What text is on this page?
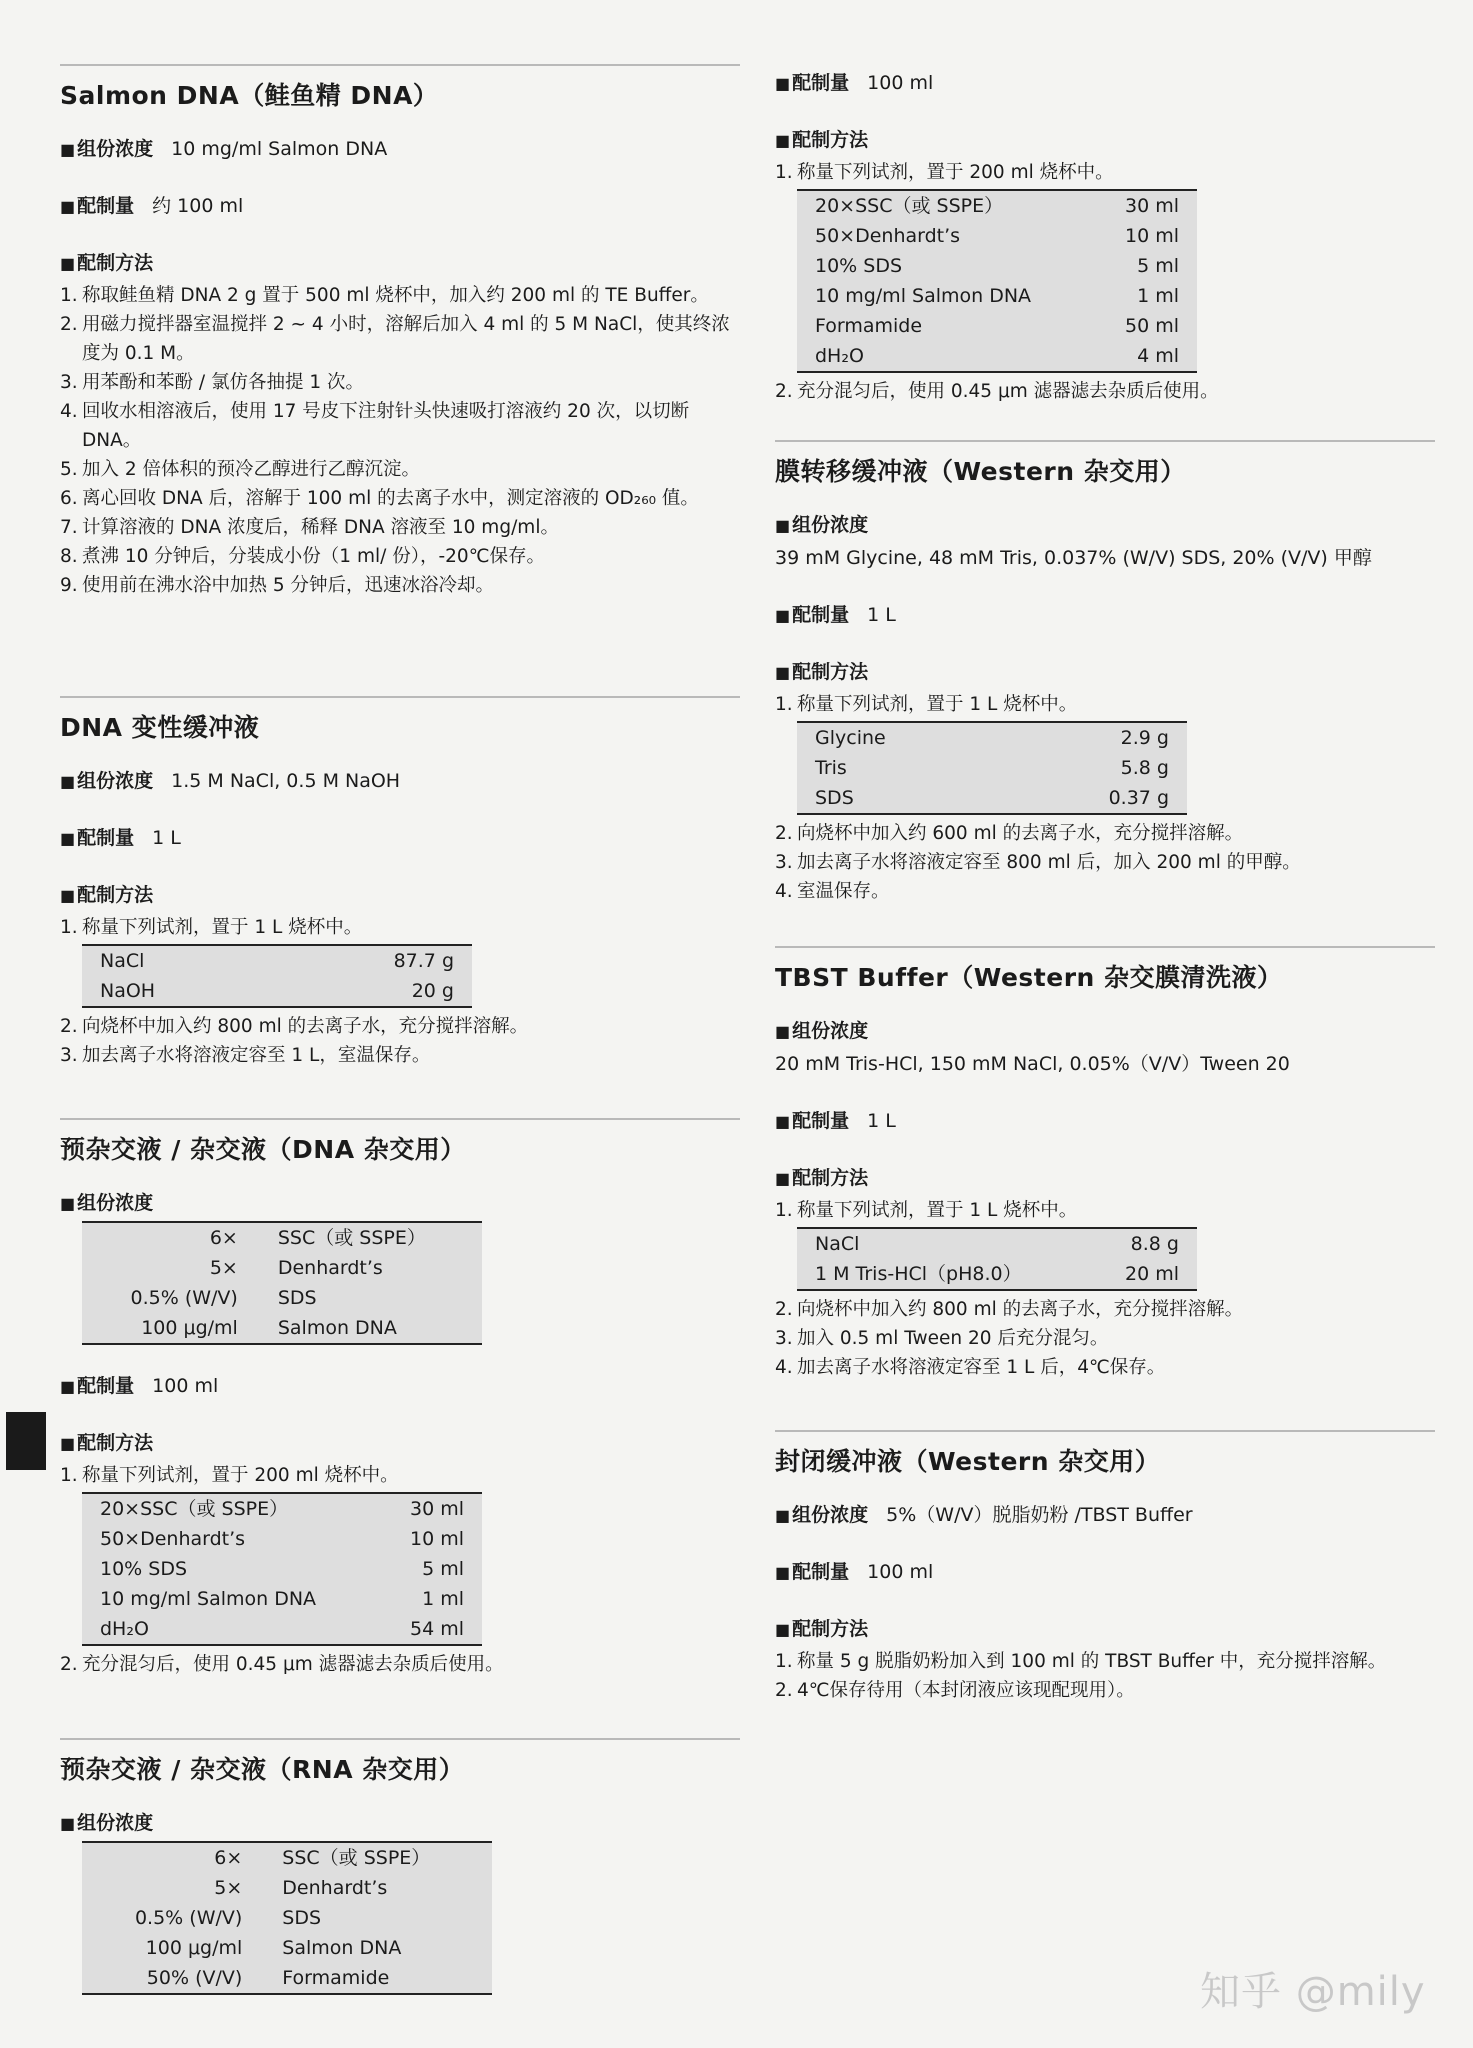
Salmon DNA（鲑鱼精 DNA）
■ 组份浓度 10 mg/ml Salmon DNA
■ 配制量 约 100 ml
■ 配制方法
1. 称取鲑鱼精 DNA 2 g 置于 500 ml 烧杯中，加入约 200 ml 的 TE Buffer。
2. 用磁力搅拌器室温搅拌 2 ~ 4 小时，溶解后加入 4 ml 的 5 M NaCl，使其终浓度为 0.1 M。
3. 用苯酚和苯酚 / 氯仿各抽提 1 次。
4. 回收水相溶液后，使用 17 号皮下注射针头快速吸打溶液约 20 次，以切断 DNA。
5. 加入 2 倍体积的预冷乙醇进行乙醇沉淀。
6. 离心回收 DNA 后，溶解于 100 ml 的去离子水中，测定溶液的 OD₂₆₀ 值。
7. 计算溶液的 DNA 浓度后，稀释 DNA 溶液至 10 mg/ml。
8. 煮沸 10 分钟后，分装成小份（1 ml/ 份），-20℃保存。
9. 使用前在沸水浴中加热 5 分钟后，迅速冰浴冷却。
DNA 变性缓冲液
■ 组份浓度 1.5 M NaCl, 0.5 M NaOH
■ 配制量 1 L
■ 配制方法
1. 称量下列试剂，置于 1 L 烧杯中。
NaCl	87.7 g
NaOH	20 g
2. 向烧杯中加入约 800 ml 的去离子水，充分搅拌溶解。
3. 加去离子水将溶液定容至 1 L，室温保存。
预杂交液 / 杂交液（DNA 杂交用）
■ 组份浓度
6×	SSC（或 SSPE）
5×	Denhardt’s
0.5% (W/V)	SDS
100 μg/ml	Salmon DNA
■ 配制量 100 ml
■ 配制方法
1. 称量下列试剂，置于 200 ml 烧杯中。
20×SSC（或 SSPE）	30 ml
50×Denhardt’s	10 ml
10% SDS	5 ml
10 mg/ml Salmon DNA	1 ml
dH₂O	54 ml
2. 充分混匀后，使用 0.45 μm 滤器滤去杂质后使用。
预杂交液 / 杂交液（RNA 杂交用）
■ 组份浓度
6×	SSC（或 SSPE）
5×	Denhardt’s
0.5% (W/V)	SDS
100 μg/ml	Salmon DNA
50% (V/V)	Formamide
■ 配制量 100 ml
■ 配制方法
1. 称量下列试剂，置于 200 ml 烧杯中。
20×SSC（或 SSPE）	30 ml
50×Denhardt’s	10 ml
10% SDS	5 ml
10 mg/ml Salmon DNA	1 ml
Formamide	50 ml
dH₂O	4 ml
2. 充分混匀后，使用 0.45 μm 滤器滤去杂质后使用。
膜转移缓冲液（Western 杂交用）
■ 组份浓度
39 mM Glycine, 48 mM Tris, 0.037% (W/V) SDS, 20% (V/V) 甲醇
■ 配制量 1 L
■ 配制方法
1. 称量下列试剂，置于 1 L 烧杯中。
Glycine	2.9 g
Tris	5.8 g
SDS	0.37 g
2. 向烧杯中加入约 600 ml 的去离子水，充分搅拌溶解。
3. 加去离子水将溶液定容至 800 ml 后，加入 200 ml 的甲醇。
4. 室温保存。
TBST Buffer（Western 杂交膜清洗液）
■ 组份浓度
20 mM Tris-HCl, 150 mM NaCl, 0.05%（V/V）Tween 20
■ 配制量 1 L
■ 配制方法
1. 称量下列试剂，置于 1 L 烧杯中。
NaCl	8.8 g
1 M Tris-HCl（pH8.0）	20 ml
2. 向烧杯中加入约 800 ml 的去离子水，充分搅拌溶解。
3. 加入 0.5 ml Tween 20 后充分混匀。
4. 加去离子水将溶液定容至 1 L 后，4℃保存。
封闭缓冲液（Western 杂交用）
■ 组份浓度 5%（W/V）脱脂奶粉 /TBST Buffer
■ 配制量 100 ml
■ 配制方法
1. 称量 5 g 脱脂奶粉加入到 100 ml 的 TBST Buffer 中，充分搅拌溶解。
2. 4℃保存待用（本封闭液应该现配现用）。
知乎 @mily
